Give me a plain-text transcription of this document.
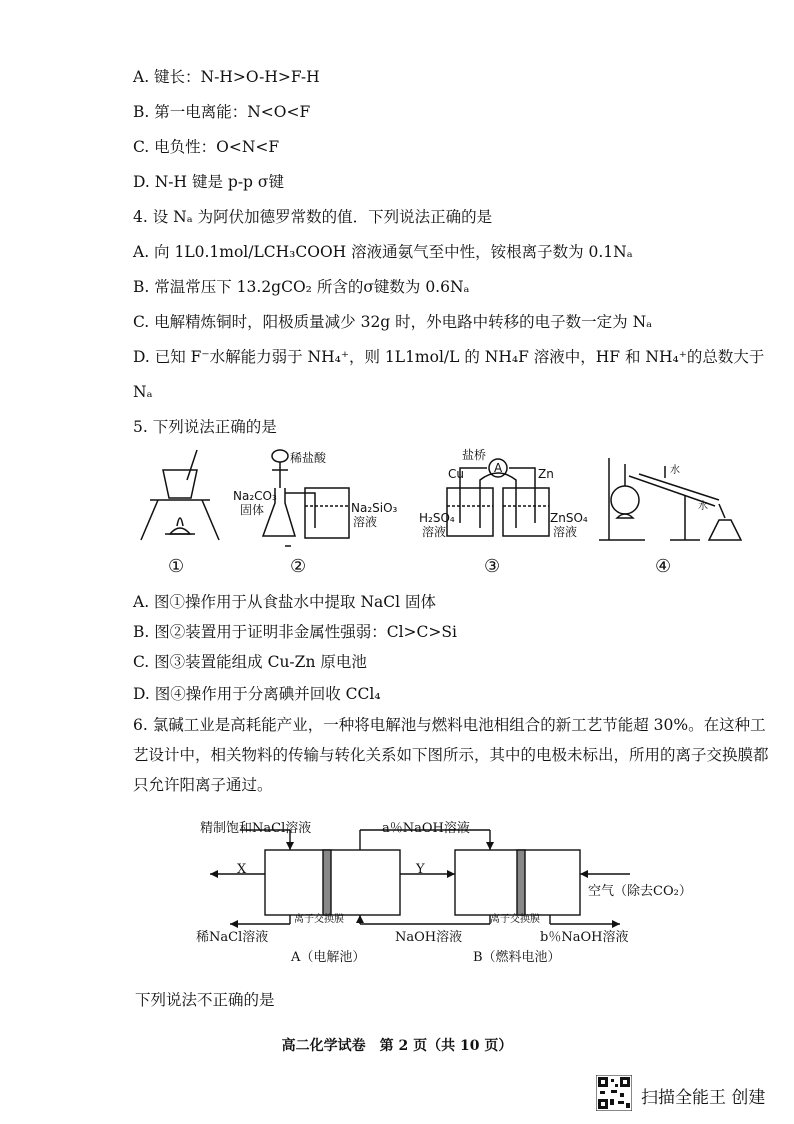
A. 键长：N-H>O-H>F-H
B. 第一电离能：N<O<F
C. 电负性：O<N<F
D. N-H 键是 p-p σ键
4. 设 Nₐ 为阿伏加德罗常数的值．下列说法正确的是
A. 向 1L0.1mol/LCH₃COOH 溶液通氨气至中性，铵根离子数为 0.1Nₐ
B. 常温常压下 13.2gCO₂ 所含的σ键数为 0.6Nₐ
C. 电解精炼铜时，阳极质量减少 32g 时，外电路中转移的电子数一定为 Nₐ
D. 已知 F⁻水解能力弱于 NH₄⁺，则 1L1mol/L 的 NH₄F 溶液中，HF 和 NH₄⁺的总数大于
Nₐ
5. 下列说法正确的是
稀盐酸
Na₂CO₃
固体	Na₂SiO₃
溶液
盐桥
A
Cu	Zn
H₂SO₄
溶液
ZnSO₄
溶液
水
水
①	②	③	④
A. 图①操作用于从食盐水中提取 NaCl 固体
B. 图②装置用于证明非金属性强弱：Cl>C>Si
C. 图③装置能组成 Cu-Zn 原电池
D. 图④操作用于分离碘并回收 CCl₄
6. 氯碱工业是高耗能产业，一种将电解池与燃料电池相组合的新工艺节能超 30%。在这种工艺设计中，相关物料的传输与转化关系如下图所示，其中的电极未标出，所用的离子交换膜都只允许阳离子通过。
精制饱和NaCl溶液	a％NaOH溶液
X	Y
空气（除去CO₂）
离子交换膜	离子交换膜
稀NaCl溶液	NaOH溶液	b％NaOH溶液
A（电解池）	B（燃料电池）
下列说法不正确的是
高二化学试卷　第 2 页（共 10 页）
扫描全能王 创建
